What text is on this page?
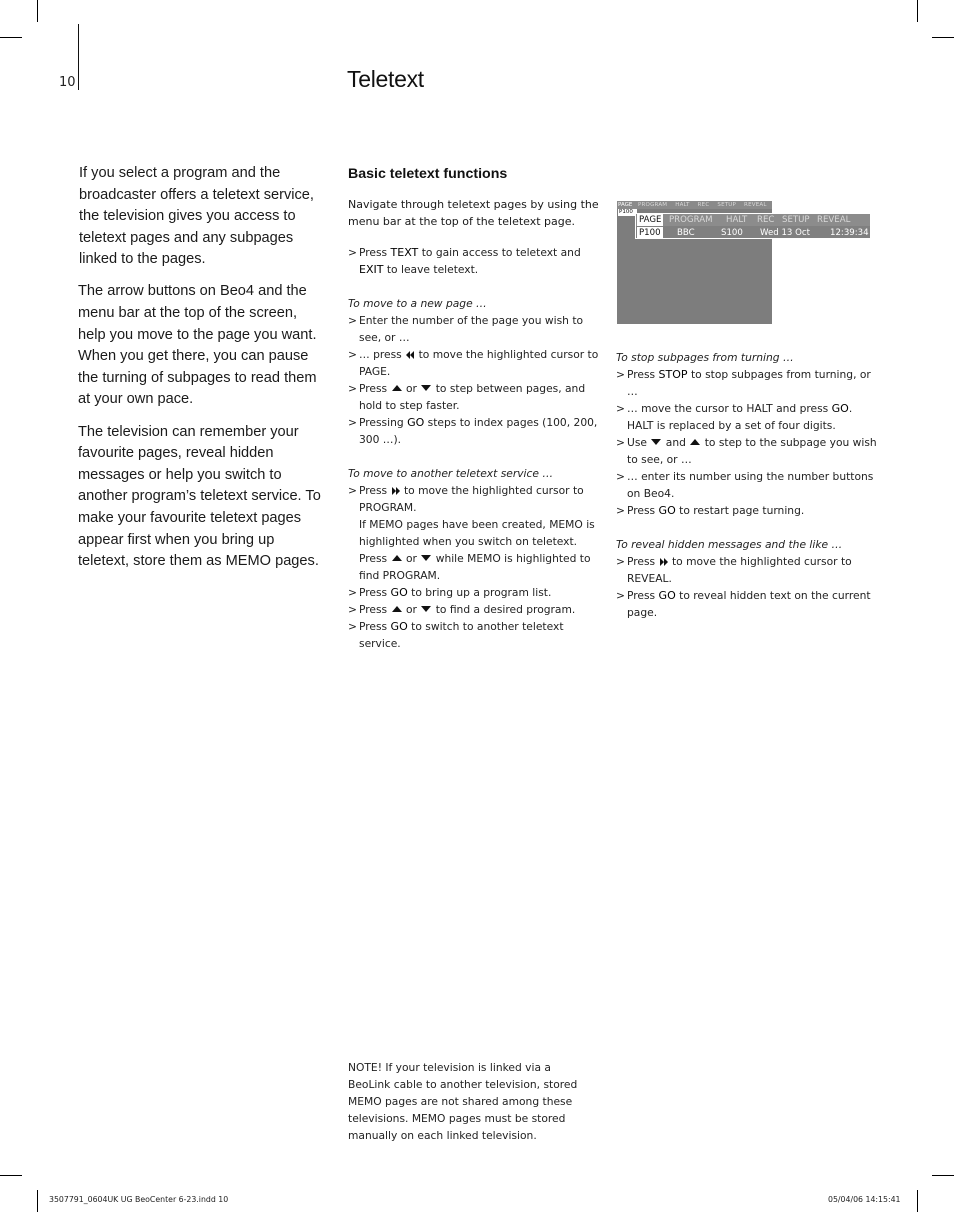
10	Teletext

If you select a program and the broadcaster offers a teletext service, the television gives you access to teletext pages and any subpages linked to the pages.

The arrow buttons on Beo4 and the menu bar at the top of the screen, help you move to the page you want. When you get there, you can pause the turning of subpages to read them at your own pace.

The television can remember your favourite pages, reveal hidden messages or help you switch to another program’s teletext service. To make your favourite teletext pages appear first when you bring up teletext, store them as MEMO pages.

Basic teletext functions
Navigate through teletext pages by using the menu bar at the top of the teletext page.
> Press TEXT to gain access to teletext and EXIT to leave teletext.
To move to a new page …
> Enter the number of the page you wish to see, or …
> … press to move the highlighted cursor to PAGE.
> Press or to step between pages, and hold to step faster.
> Pressing GO steps to index pages (100, 200, 300 …).
To move to another teletext service …
> Press to move the highlighted cursor to PROGRAM.
If MEMO pages have been created, MEMO is highlighted when you switch on teletext. Press or while MEMO is highlighted to find PROGRAM.
> Press GO to bring up a program list.
> Press or to find a desired program.
> Press GO to switch to another teletext service.
PAGE PROGRAM HALT REC SETUP REVEAL
P100
PAGE PROGRAM HALT REC SETUP REVEAL
P100 BBC	S100 Wed 13 Oct 12:39:34
To stop subpages from turning …
> Press STOP to stop subpages from turning, or …
> … move the cursor to HALT and press GO. HALT is replaced by a set of four digits.
> Use and to step to the subpage you wish to see, or …
> … enter its number using the number buttons on Beo4.
> Press GO to restart page turning.
To reveal hidden messages and the like …
> Press to move the highlighted cursor to REVEAL.
> Press GO to reveal hidden text on the current page.
NOTE! If your television is linked via a BeoLink cable to another television, stored MEMO pages are not shared among these televisions. MEMO pages must be stored manually on each linked television.
3507791_0604UK UG BeoCenter 6-23.indd 10	05/04/06 14:15:41
